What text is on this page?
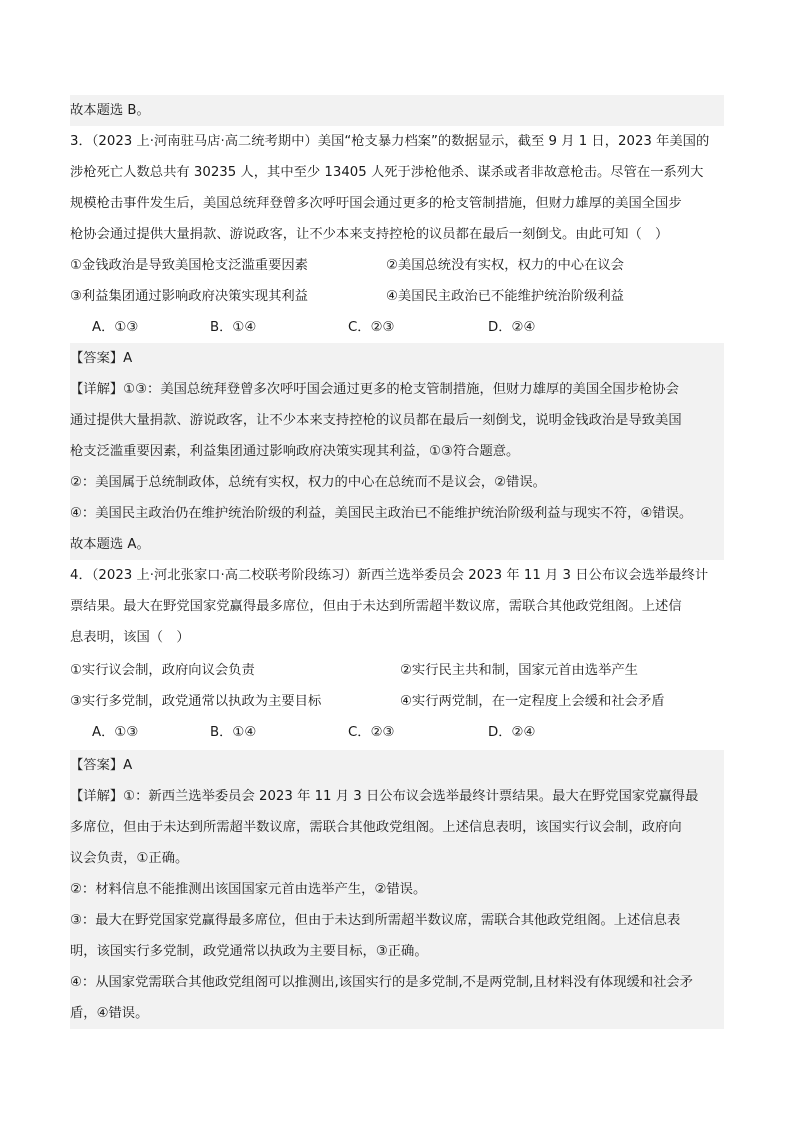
故本题选 B。
3．（2023 上·河南驻马店·高二统考期中）美国“枪支暴力档案”的数据显示，截至 9 月 1 日，2023 年美国的
涉枪死亡人数总共有 30235 人，其中至少 13405 人死于涉枪他杀、谋杀或者非故意枪击。尽管在一系列大
规模枪击事件发生后，美国总统拜登曾多次呼吁国会通过更多的枪支管制措施，但财力雄厚的美国全国步
枪协会通过提供大量捐款、游说政客，让不少本来支持控枪的议员都在最后一刻倒戈。由此可知（　）
①金钱政治是导致美国枪支泛滥重要因素	②美国总统没有实权，权力的中心在议会
③利益集团通过影响政府决策实现其利益	④美国民主政治已不能维护统治阶级利益
A．①③	B．①④	C．②③	D．②④
【答案】A
【详解】①③：美国总统拜登曾多次呼吁国会通过更多的枪支管制措施，但财力雄厚的美国全国步枪协会
通过提供大量捐款、游说政客，让不少本来支持控枪的议员都在最后一刻倒戈，说明金钱政治是导致美国
枪支泛滥重要因素，利益集团通过影响政府决策实现其利益，①③符合题意。
②：美国属于总统制政体，总统有实权，权力的中心在总统而不是议会，②错误。
④：美国民主政治仍在维护统治阶级的利益，美国民主政治已不能维护统治阶级利益与现实不符，④错误。
故本题选 A。
4．（2023 上·河北张家口·高二校联考阶段练习）新西兰选举委员会 2023 年 11 月 3 日公布议会选举最终计
票结果。最大在野党国家党赢得最多席位，但由于未达到所需超半数议席，需联合其他政党组阁。上述信
息表明，该国（　）
①实行议会制，政府向议会负责	②实行民主共和制，国家元首由选举产生
③实行多党制，政党通常以执政为主要目标	④实行两党制，在一定程度上会缓和社会矛盾
A．①③	B．①④	C．②③	D．②④
【答案】A
【详解】①：新西兰选举委员会 2023 年 11 月 3 日公布议会选举最终计票结果。最大在野党国家党赢得最
多席位，但由于未达到所需超半数议席，需联合其他政党组阁。上述信息表明，该国实行议会制，政府向
议会负责，①正确。
②：材料信息不能推测出该国国家元首由选举产生，②错误。
③：最大在野党国家党赢得最多席位，但由于未达到所需超半数议席，需联合其他政党组阁。上述信息表
明，该国实行多党制，政党通常以执政为主要目标，③正确。
④：从国家党需联合其他政党组阁可以推测出,该国实行的是多党制,不是两党制,且材料没有体现缓和社会矛
盾，④错误。
